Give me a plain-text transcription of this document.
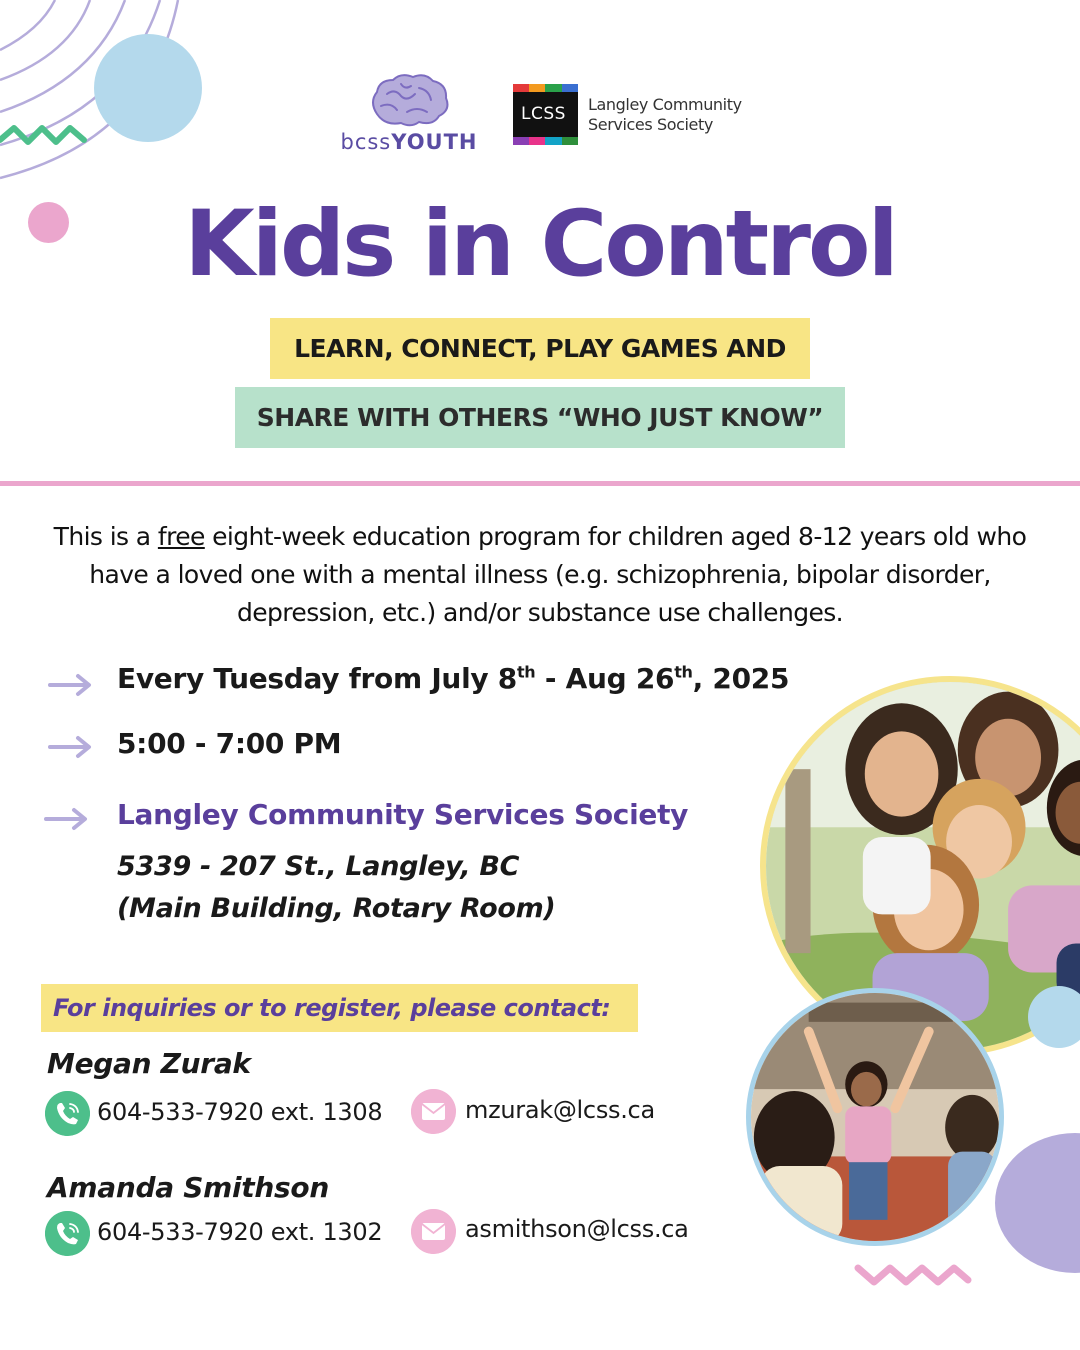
bcssYOUTH
LCSS	Langley Community
Services Society
Kids in Control
LEARN, CONNECT, PLAY GAMES AND
SHARE WITH OTHERS “WHO JUST KNOW”

This is a free eight-week education program for children aged 8-12 years old who have a loved one with a mental illness (e.g. schizophrenia, bipolar disorder, depression, etc.) and/or substance use challenges.

Every Tuesday from July 8th - Aug 26th, 2025
5:00 - 7:00 PM
Langley Community Services Society
5339 - 207 St., Langley, BC
(Main Building, Rotary Room)
For inquiries or to register, please contact:
Megan Zurak
604-533-7920 ext. 1308	mzurak@lcss.ca
Amanda Smithson
604-533-7920 ext. 1302	asmithson@lcss.ca
